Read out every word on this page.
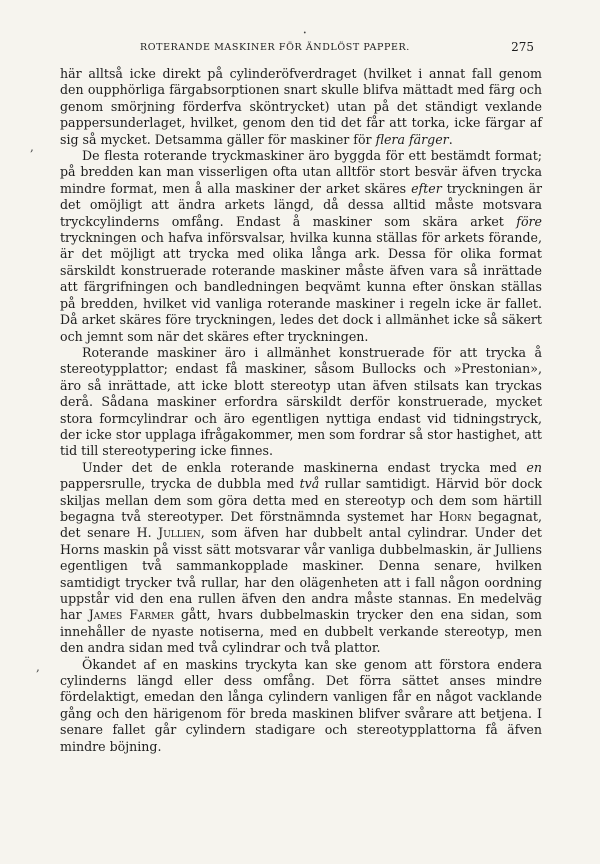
ROTERANDE MASKINER FÖR ÄNDLÖST PAPPER.	275
•
,
,

här alltså icke direkt på cylinderöfverdraget (hvilket i annat fall genom den oupphörliga färgabsorptionen snart skulle blifva mättadt med färg och genom smörjning förderfva sköntrycket) utan på det ständigt vexlande pappersunderlaget, hvilket, genom den tid det får att torka, icke färgar af sig så mycket. Detsamma gäller för maskiner för flera färger.

De flesta roterande tryckmaskiner äro byggda för ett bestämdt format; på bredden kan man visserligen ofta utan alltför stort besvär äfven trycka mindre format, men å alla maskiner der arket skäres efter tryckningen är det omöjligt att ändra arkets längd, då dessa alltid måste motsvara tryckcylinderns omfång. Endast å maskiner som skära arket före tryckningen och hafva införsvalsar, hvilka kunna ställas för arkets förande, är det möjligt att trycka med olika långa ark. Dessa för olika format särskildt konstruerade roterande maskiner måste äfven vara så inrättade att färgrifningen och bandledningen beqvämt kunna efter önskan ställas på bredden, hvilket vid vanliga roterande maskiner i regeln icke är fallet. Då arket skäres före tryckningen, ledes det dock i allmänhet icke så säkert och jemnt som när det skäres efter tryckningen.

Roterande maskiner äro i allmänhet konstruerade för att trycka å stereotypplattor; endast få maskiner, såsom Bullocks och »Prestonian», äro så inrättade, att icke blott stereotyp utan äfven stilsats kan tryckas derå. Sådana maskiner erfordra särskildt derför konstruerade, mycket stora formcylindrar och äro egentligen nyttiga endast vid tidningstryck, der icke stor upplaga ifrågakommer, men som fordrar så stor hastighet, att tid till stereotypering icke finnes.

Under det de enkla roterande maskinerna endast trycka med en pappersrulle, trycka de dubbla med två rullar samtidigt. Härvid bör dock skiljas mellan dem som göra detta med en stereotyp och dem som härtill begagna två stereotyper. Det förstnämnda systemet har Horn begagnat, det senare H. Jullien, som äfven har dubbelt antal cylindrar. Under det Horns maskin på visst sätt motsvarar vår vanliga dubbelmaskin, är Julliens egentligen två sammankopplade maskiner. Denna senare, hvilken samtidigt trycker två rullar, har den olägenheten att i fall någon oordning uppstår vid den ena rullen äfven den andra måste stannas. En medelväg har James Farmer gått, hvars dubbelmaskin trycker den ena sidan, som innehåller de nyaste notiserna, med en dubbelt verkande stereotyp, men den andra sidan med två cylindrar och två plattor.

Ökandet af en maskins tryckyta kan ske genom att förstora endera cylinderns längd eller dess omfång. Det förra sättet anses mindre fördelaktigt, emedan den långa cylindern vanligen får en något vacklande gång och den härigenom för breda maskinen blifver svårare att betjena. I senare fallet går cylindern stadigare och stereotypplattorna få äfven mindre böjning.
